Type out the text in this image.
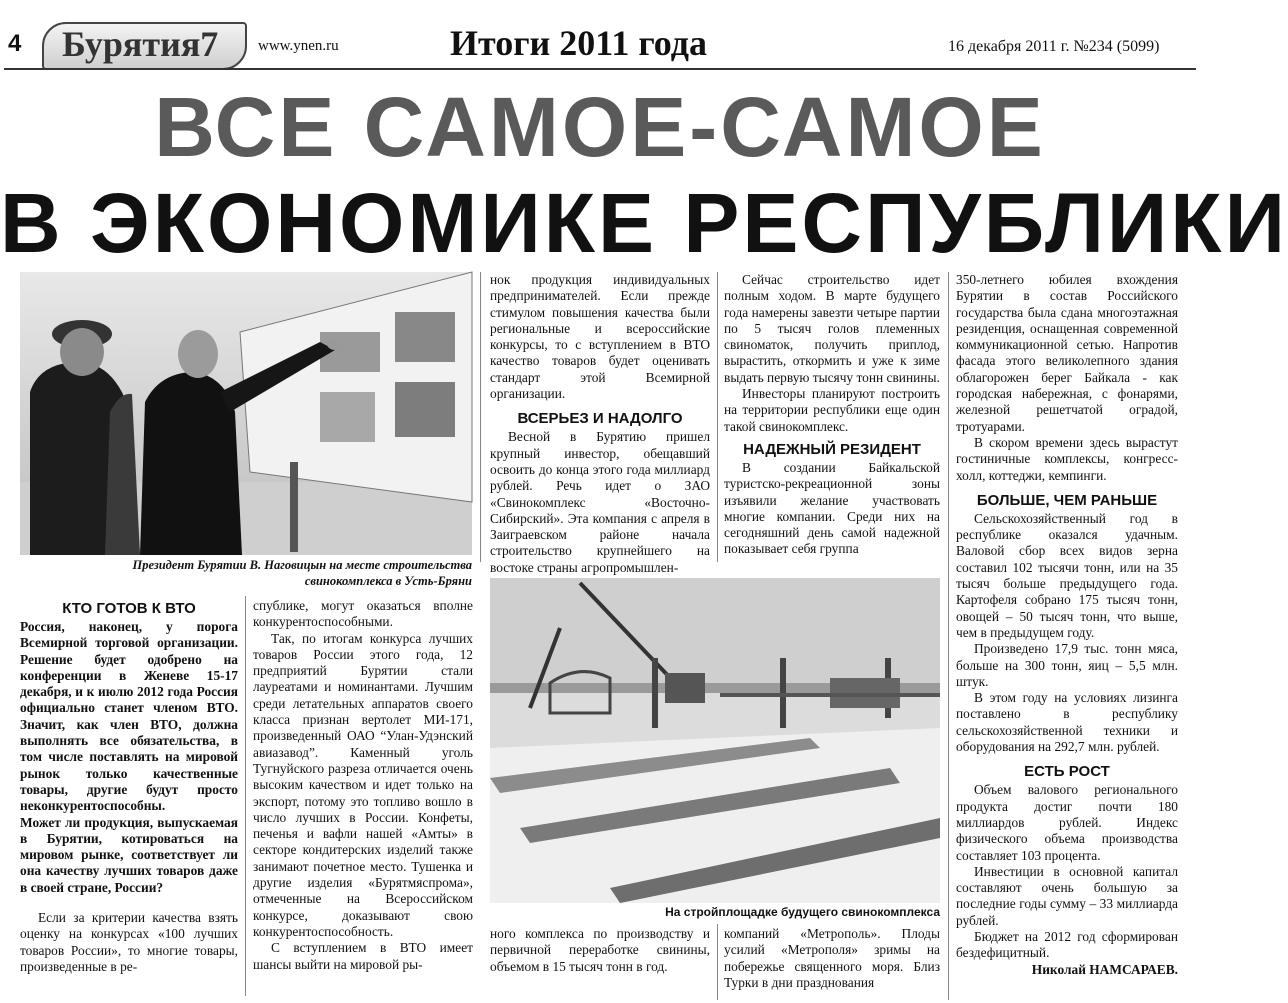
4	Бурятия7	www.ynen.ru	Итоги 2011 года	16 декабря 2011 г. №234 (5099)
ВСЕ САМОЕ-САМОЕ
В ЭКОНОМИКЕ РЕСПУБЛИКИ
Президент Бурятии В. Наговицын на месте строительства
свинокомплекса в Усть-Бряни
КТО ГОТОВ К ВТО

Россия, наконец, у порога Всемирной торговой организации. Решение будет одобрено на конференции в Женеве 15-17 декабря, и к июлю 2012 года Россия официально станет членом ВТО. Значит, как член ВТО, должна выполнять все обязательства, в том числе поставлять на мировой рынок только качественные товары, другие будут просто неконкурентоспособны.

Может ли продукция, выпускаемая в Бурятии, котироваться на мировом рынке, соответствует ли она качеству лучших товаров даже в своей стране, России?

Если за критерии качества взять оценку на конкурсах «100 лучших товаров России», то многие товары, произведенные в ре-

спублике, могут оказаться вполне конкурентоспособными.

Так, по итогам конкурса лучших товаров России этого года, 12 предприятий Бурятии стали лауреатами и номинантами. Лучшим среди летательных аппаратов своего класса признан вертолет МИ-171, произведенный ОАО “Улан-Удэнский авиазавод”. Каменный уголь Тугнуйского разреза отличается очень высоким качеством и идет только на экспорт, потому это топливо вошло в число лучших в России. Конфеты, печенья и вафли нашей «Амты» в секторе кондитерских изделий также занимают почетное место. Тушенка и другие изделия «Бурятмяспрома», отмеченные на Всероссийском конкурсе, доказывают свою конкурентоспособность.

С вступлением в ВТО имеет шансы выйти на мировой ры-

нок продукция индивидуальных предпринимателей. Если прежде стимулом повышения качества были региональные и всероссийские конкурсы, то с вступлением в ВТО качество товаров будет оценивать стандарт этой Всемирной организации.

ВСЕРЬЕЗ И НАДОЛГО

Весной в Бурятию пришел крупный инвестор, обещавший освоить до конца этого года миллиард рублей. Речь идет о ЗАО «Свинокомплекс «Восточно-Сибирский». Эта компания с апреля в Заиграевском районе начала строительство крупнейшего на востоке страны агропромышлен-

Сейчас строительство идет полным ходом. В марте будущего года намерены завезти четыре партии по 5 тысяч голов племенных свиноматок, получить приплод, вырастить, откормить и уже к зиме выдать первую тысячу тонн свинины.

Инвесторы планируют построить на территории республики еще один такой свинокомплекс.

НАДЕЖНЫЙ РЕЗИДЕНТ

В создании Байкальской туристско-рекреационной зоны изъявили желание участвовать многие компании. Среди них на сегодняшний день самой надежной показывает себя группа

На стройплощадке будущего свинокомплекса

ного комплекса по производству и первичной переработке свинины, объемом в 15 тысяч тонн в год.

компаний «Метрополь». Плоды усилий «Метрополя» зримы на побережье священного моря. Близ Турки в дни празднования

350-летнего юбилея вхождения Бурятии в состав Российского государства была сдана многоэтажная резиденция, оснащенная современной коммуникационной сетью. Напротив фасада этого великолепного здания облагорожен берег Байкала - как городская набережная, с фонарями, железной решетчатой оградой, тротуарами.

В скором времени здесь вырастут гостиничные комплексы, конгресс-холл, коттеджи, кемпинги.

БОЛЬШЕ, ЧЕМ РАНЬШЕ

Сельскохозяйственный год в республике оказался удачным. Валовой сбор всех видов зерна составил 102 тысячи тонн, или на 35 тысяч больше предыдущего года. Картофеля собрано 175 тысяч тонн, овощей – 50 тысяч тонн, что выше, чем в предыдущем году.

Произведено 17,9 тыс. тонн мяса, больше на 300 тонн, яиц – 5,5 млн. штук.

В этом году на условиях лизинга поставлено в республику сельскохозяйственной техники и оборудования на 292,7 млн. рублей.

ЕСТЬ РОСТ

Объем валового регионального продукта достиг почти 180 миллиардов рублей. Индекс физического объема производства составляет 103 процента.

Инвестиции в основной капитал составляют очень большую за последние годы сумму – 33 миллиарда рублей.

Бюджет на 2012 год сформирован бездефицитный.

Николай НАМСАРАЕВ.
